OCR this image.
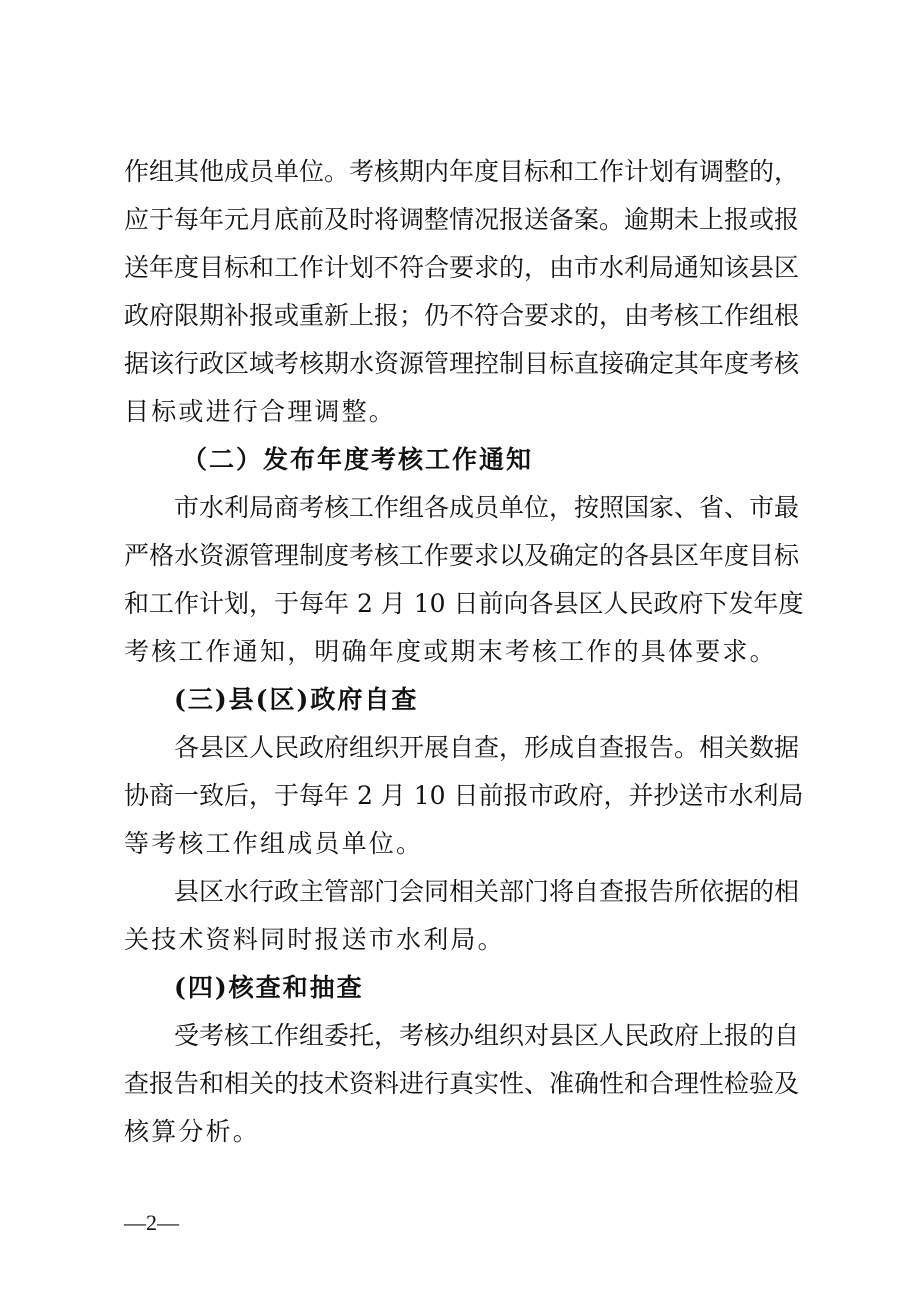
作组其他成员单位。考核期内年度目标和工作计划有调整的，
应于每年元月底前及时将调整情况报送备案。逾期未上报或报
送年度目标和工作计划不符合要求的，由市水利局通知该县区
政府限期补报或重新上报；仍不符合要求的，由考核工作组根
据该行政区域考核期水资源管理控制目标直接确定其年度考核
目标或进行合理调整。
（二）发布年度考核工作通知
市水利局商考核工作组各成员单位，按照国家、省、市最
严格水资源管理制度考核工作要求以及确定的各县区年度目标
和工作计划，于每年 2 月 10 日前向各县区人民政府下发年度
考核工作通知，明确年度或期末考核工作的具体要求。
(三)县(区)政府自查
各县区人民政府组织开展自查，形成自查报告。相关数据
协商一致后，于每年 2 月 10 日前报市政府，并抄送市水利局
等考核工作组成员单位。
县区水行政主管部门会同相关部门将自查报告所依据的相
关技术资料同时报送市水利局。
(四)核查和抽查
受考核工作组委托，考核办组织对县区人民政府上报的自
查报告和相关的技术资料进行真实性、准确性和合理性检验及
核算分析。
—2—
